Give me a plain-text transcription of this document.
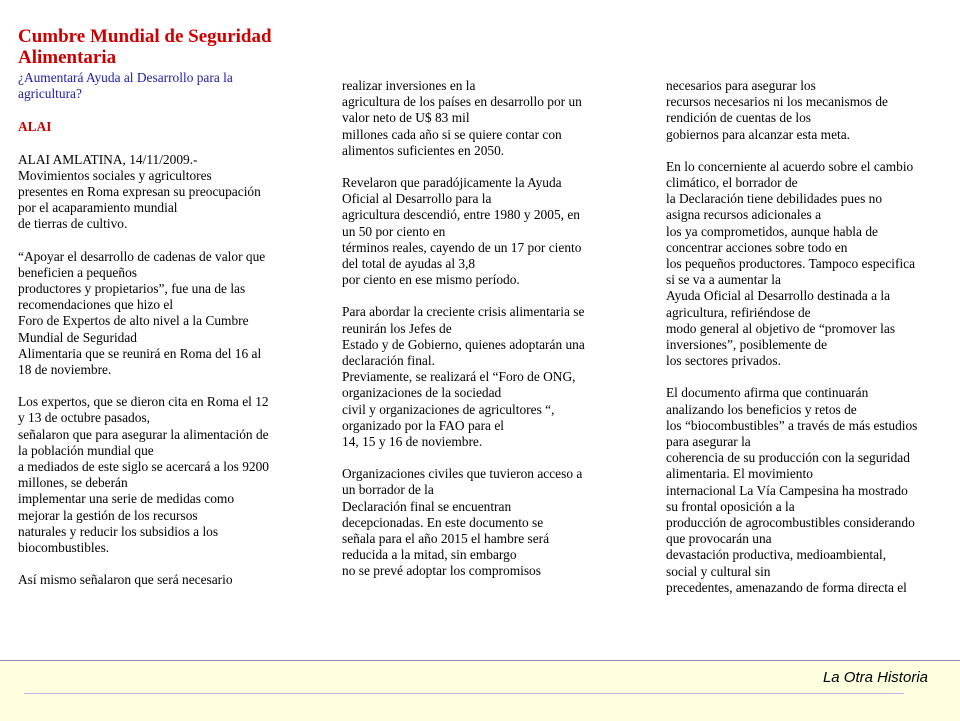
Cumbre Mundial de Seguridad
Alimentaria
¿Aumentará Ayuda al Desarrollo para la
agricultura?
ALAI
ALAI AMLATINA, 14/11/2009.-
Movimientos sociales y agricultores
presentes en Roma expresan su preocupación
por el acaparamiento mundial
de tierras de cultivo.
“Apoyar el desarrollo de cadenas de valor que
beneficien a pequeños
productores y propietarios”, fue una de las
recomendaciones que hizo el
Foro de Expertos de alto nivel a la Cumbre
Mundial de Seguridad
Alimentaria que se reunirá en Roma del 16 al
18 de noviembre.
Los expertos, que se dieron cita en Roma el 12
y 13 de octubre pasados,
señalaron que para asegurar la alimentación de
la población mundial que
a mediados de este siglo se acercará a los 9200
millones, se deberán
implementar una serie de medidas como
mejorar la gestión de los recursos
naturales y reducir los subsidios a los
biocombustibles.
Así mismo señalaron que será necesario
realizar inversiones en la
agricultura de los países en desarrollo por un
valor neto de U$ 83 mil
millones cada año si se quiere contar con
alimentos suficientes en 2050.
Revelaron que paradójicamente la Ayuda
Oficial al Desarrollo para la
agricultura descendió, entre 1980 y 2005, en
un 50 por ciento en
términos reales, cayendo de un 17 por ciento
del total de ayudas al 3,8
por ciento en ese mismo período.
Para abordar la creciente crisis alimentaria se
reunirán los Jefes de
Estado y de Gobierno, quienes adoptarán una
declaración final.
Previamente, se realizará el “Foro de ONG,
organizaciones de la sociedad
civil y organizaciones de agricultores “,
organizado por la FAO para el
14, 15 y 16 de noviembre.
Organizaciones civiles que tuvieron acceso a
un borrador de la
Declaración final se encuentran
decepcionadas. En este documento se
señala para el año 2015 el hambre será
reducida a la mitad, sin embargo
no se prevé adoptar los compromisos
necesarios para asegurar los
recursos necesarios ni los mecanismos de
rendición de cuentas de los
gobiernos para alcanzar esta meta.
En lo concerniente al acuerdo sobre el cambio
climático, el borrador de
la Declaración tiene debilidades pues no
asigna recursos adicionales a
los ya comprometidos, aunque habla de
concentrar acciones sobre todo en
los pequeños productores. Tampoco especifica
si se va a aumentar la
Ayuda Oficial al Desarrollo destinada a la
agricultura, refiriéndose de
modo general al objetivo de “promover las
inversiones”, posiblemente de
los sectores privados.
El documento afirma que continuarán
analizando los beneficios y retos de
los “biocombustibles” a través de más estudios
para asegurar la
coherencia de su producción con la seguridad
alimentaria. El movimiento
internacional La Vía Campesina ha mostrado
su frontal oposición a la
producción de agrocombustibles considerando
que provocarán una
devastación productiva, medioambiental,
social y cultural sin
precedentes, amenazando de forma directa el
La Otra Historia
